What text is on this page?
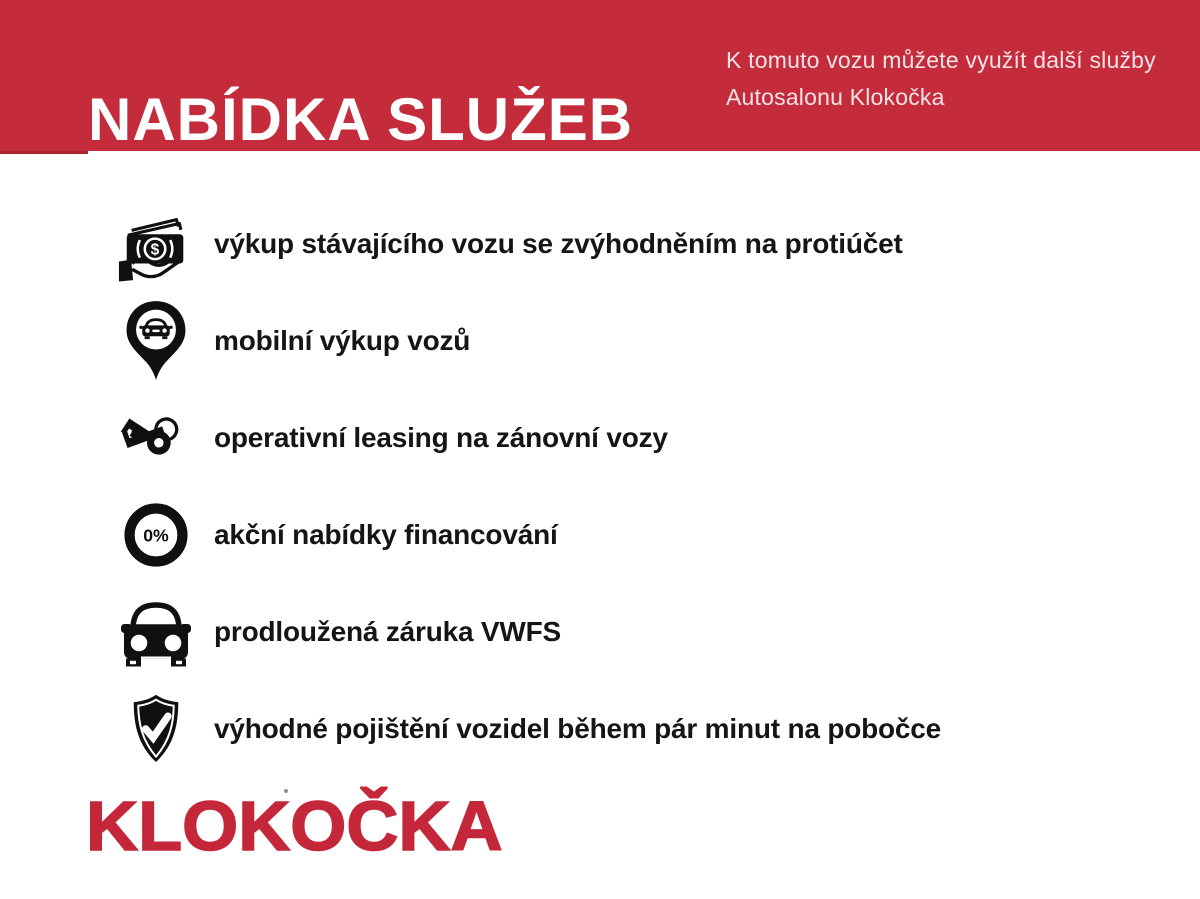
NABÍDKA SLUŽEB
K tomuto vozu můžete využít další služby
Autosalonu Klokočka
$ výkup stávajícího vozu se zvýhodněním na protiúčet
mobilní výkup vozů
operativní leasing na zánovní vozy
0% akční nabídky financování
prodloužená záruka VWFS
výhodné pojištění vozidel během pár minut na pobočce
KLOKOČKA
